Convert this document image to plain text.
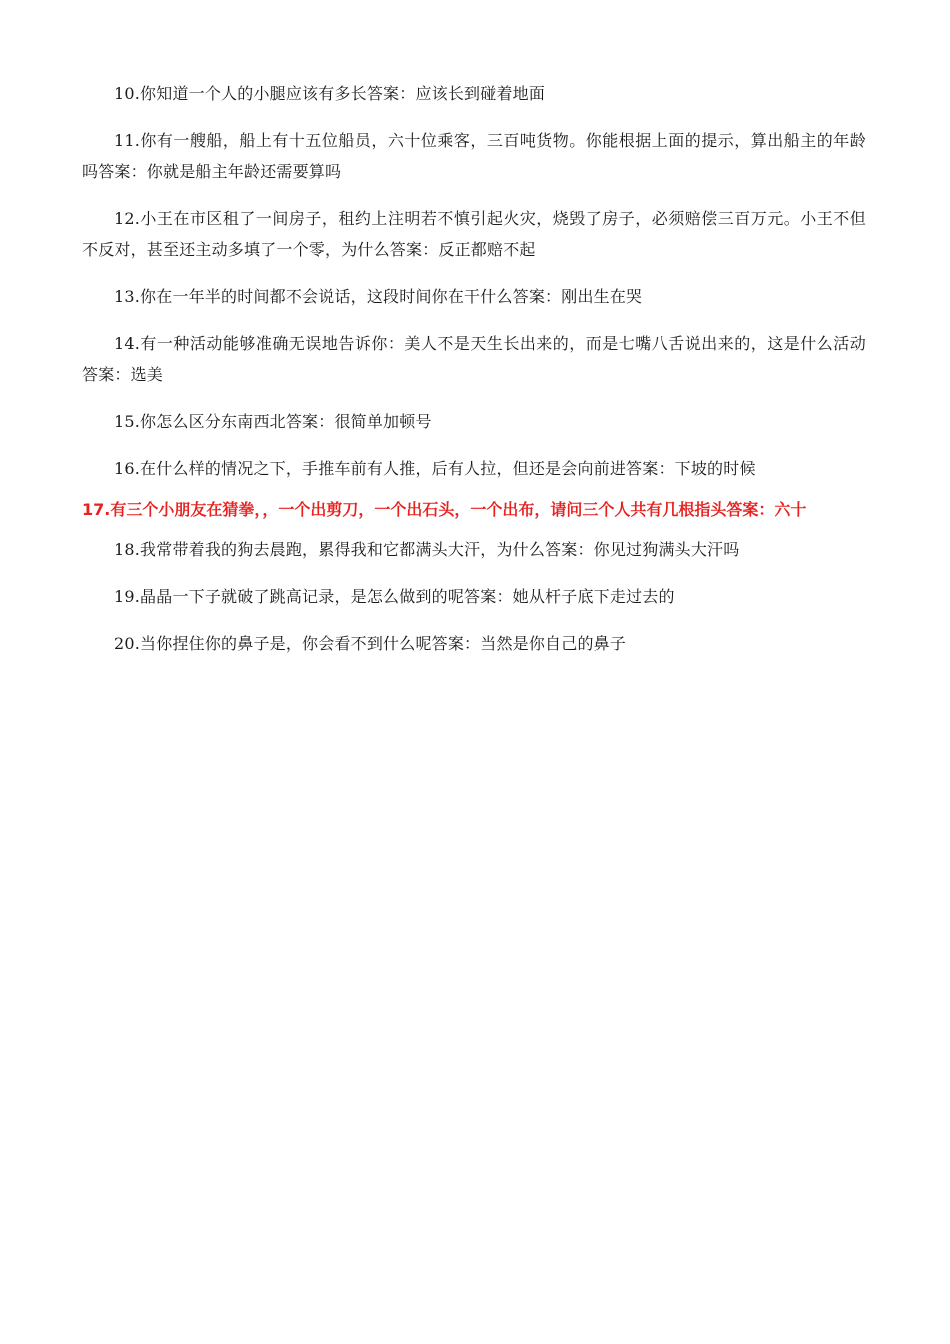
10.你知道一个人的小腿应该有多长答案：应该长到碰着地面

11.你有一艘船，船上有十五位船员，六十位乘客，三百吨货物。你能根据上面的提示，算出船主的年龄吗答案：你就是船主年龄还需要算吗

12.小王在市区租了一间房子，租约上注明若不慎引起火灾，烧毁了房子，必须赔偿三百万元。小王不但不反对，甚至还主动多填了一个零，为什么答案：反正都赔不起

13.你在一年半的时间都不会说话，这段时间你在干什么答案：刚出生在哭

14.有一种活动能够准确无误地告诉你：美人不是天生长出来的，而是七嘴八舌说出来的，这是什么活动答案：选美

15.你怎么区分东南西北答案：很简单加顿号

16.在什么样的情况之下，手推车前有人推，后有人拉，但还是会向前进答案：下坡的时候

17.有三个小朋友在猜拳，，一个出剪刀，一个出石头，一个出布，请问三个人共有几根指头答案：六十

18.我常带着我的狗去晨跑，累得我和它都满头大汗，为什么答案：你见过狗满头大汗吗

19.晶晶一下子就破了跳高记录，是怎么做到的呢答案：她从杆子底下走过去的

20.当你捏住你的鼻子是，你会看不到什么呢答案：当然是你自己的鼻子
